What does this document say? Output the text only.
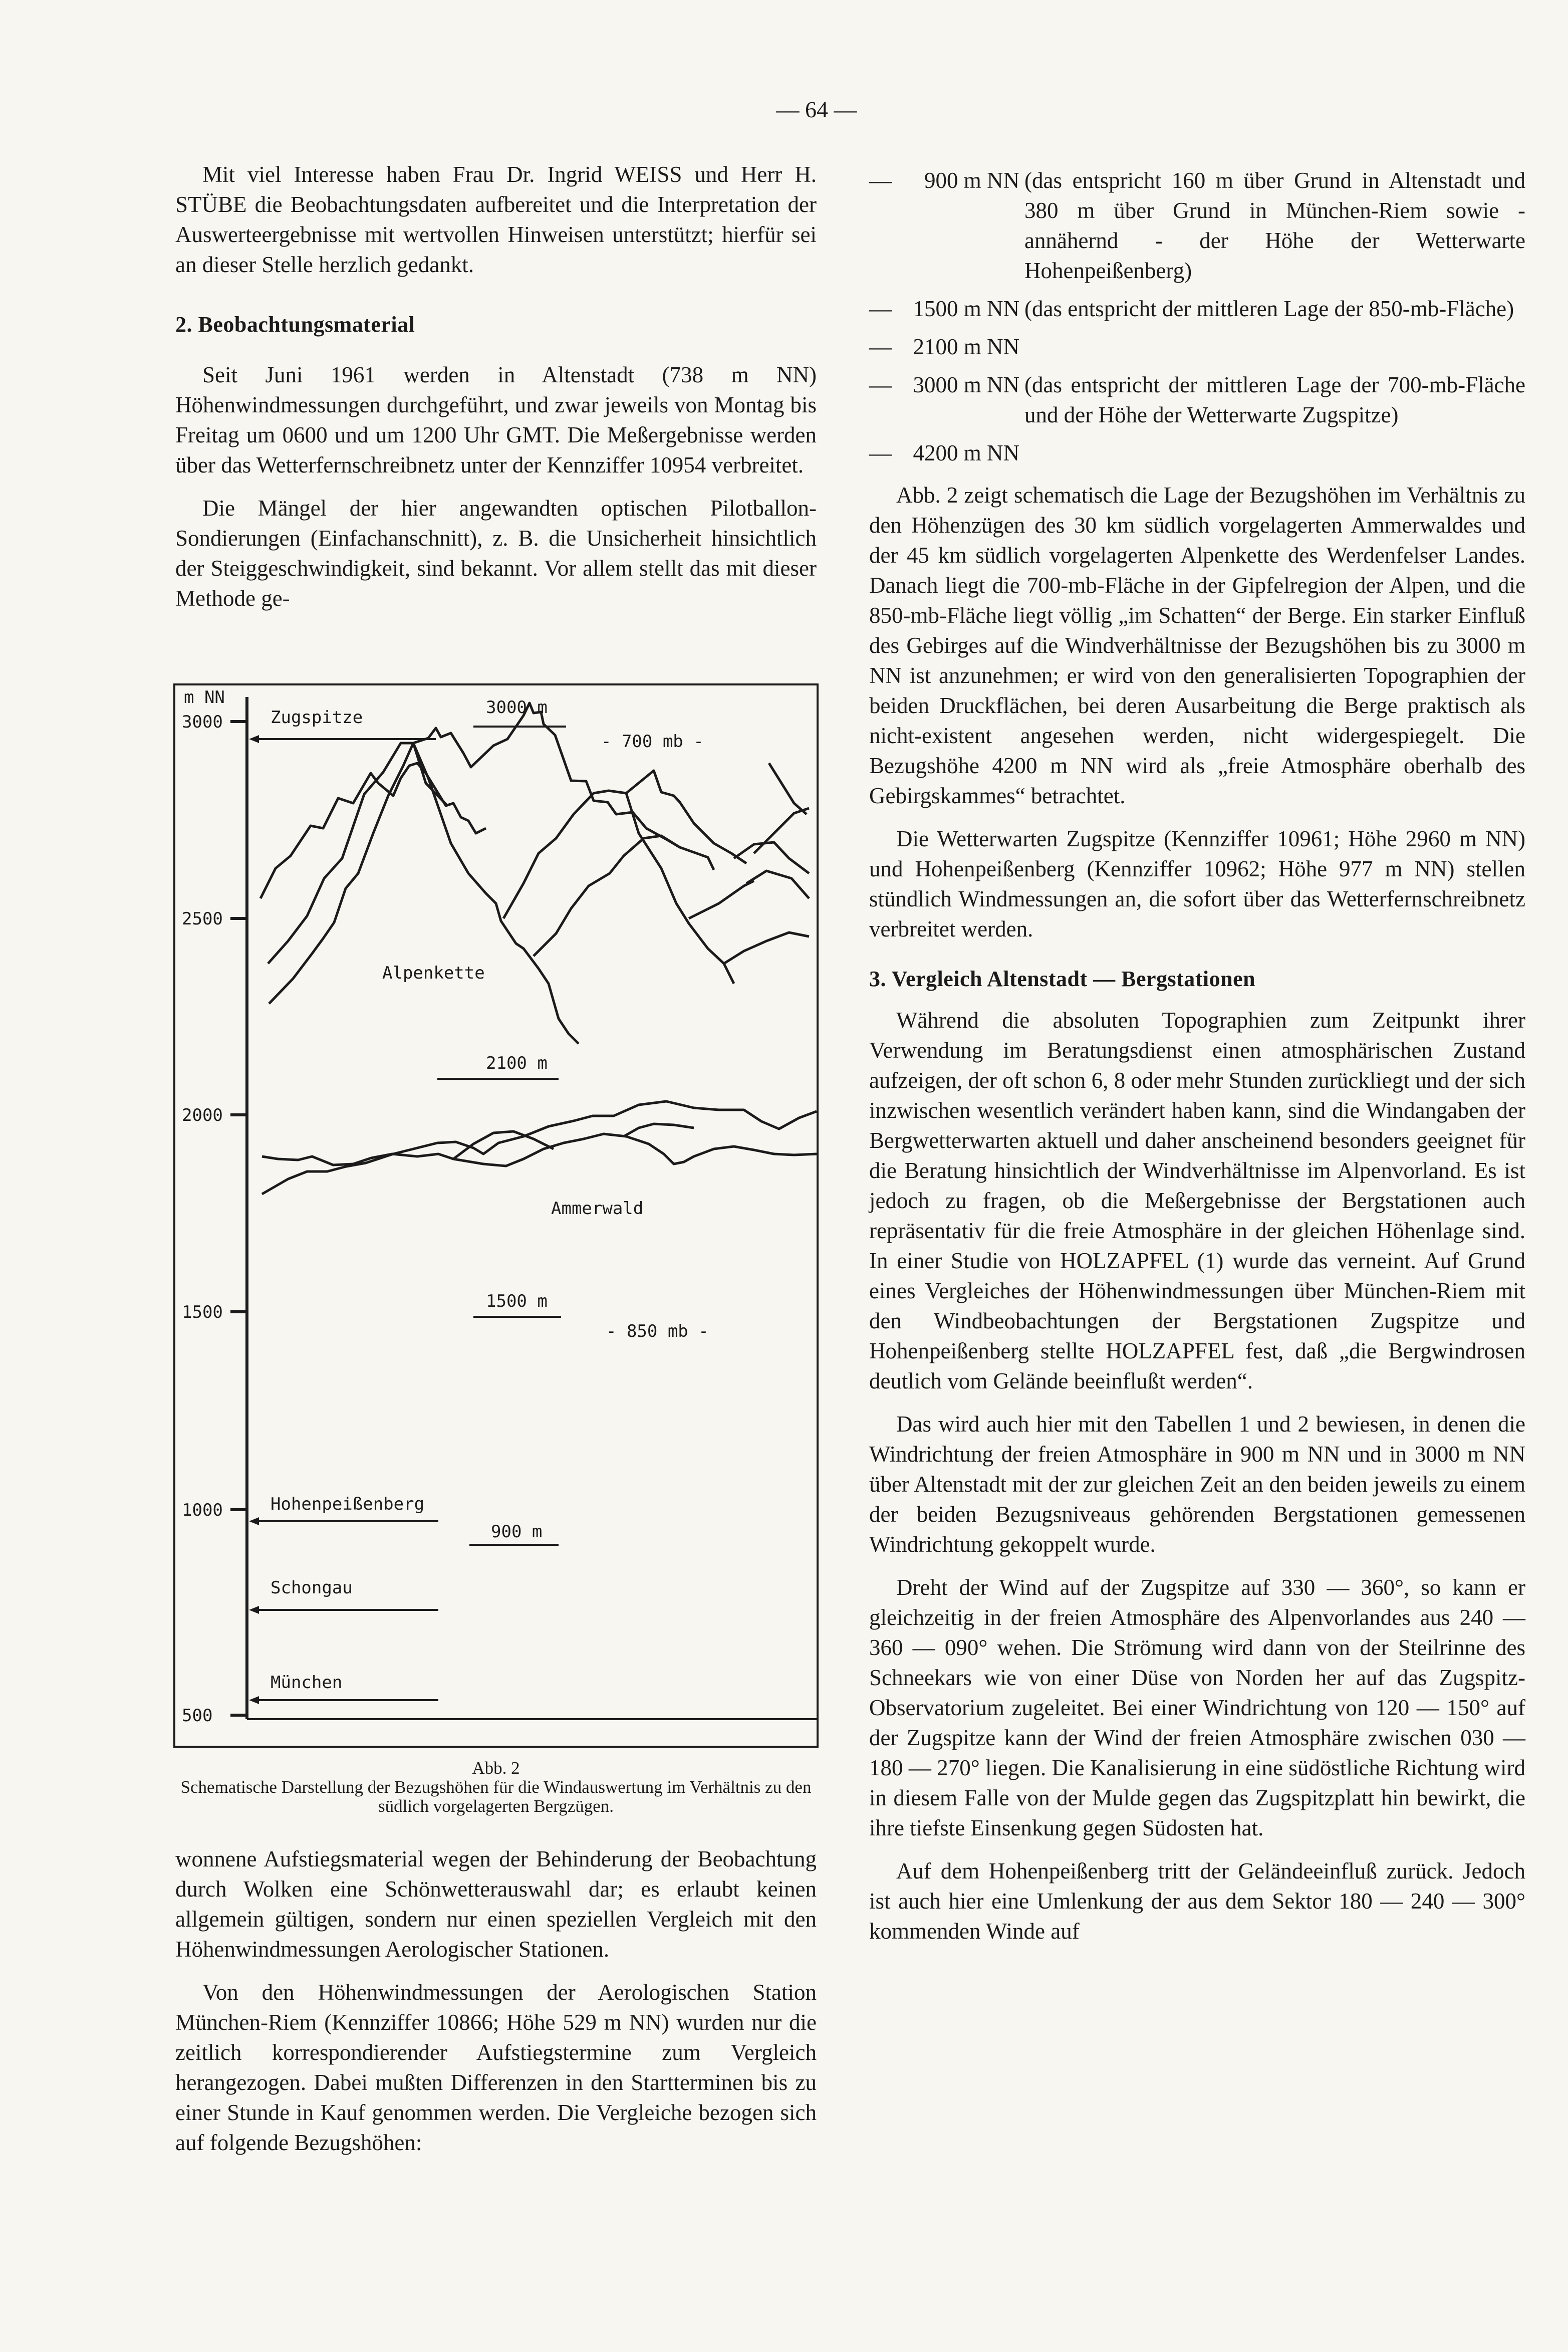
— 64 —

Mit viel Interesse haben Frau Dr. Ingrid WEISS und Herr H. STÜBE die Beobachtungsdaten aufbereitet und die Interpretation der Auswerteergebnisse mit wertvollen Hinweisen unterstützt; hierfür sei an dieser Stelle herzlich gedankt.

2. Beobachtungsmaterial

Seit Juni 1961 werden in Altenstadt (738 m NN) Höhenwindmessungen durchgeführt, und zwar jeweils von Montag bis Freitag um 0600 und um 1200 Uhr GMT. Die Meßergebnisse werden über das Wetterfernschreibnetz unter der Kennziffer 10954 verbreitet.

Die Mängel der hier angewandten optischen Pilotballon-Sondierungen (Einfachanschnitt), z. B. die Unsicherheit hinsichtlich der Steiggeschwindigkeit, sind bekannt. Vor allem stellt das mit dieser Methode ge-

m NN
3000
2500
2000
1500
1000
500
Zugspitze
Hohenpeißenberg
Schongau
München
3000 m
- 700 mb -
2100 m
1500 m
- 850 mb -
900 m
Alpenkette
Ammerwald
Abb. 2
Schematische Darstellung der Bezugshöhen für die Windauswertung im Verhältnis zu den südlich vorgelagerten Bergzügen.

wonnene Aufstiegsmaterial wegen der Behinderung der Beobachtung durch Wolken eine Schönwetterauswahl dar; es erlaubt keinen allgemein gültigen, sondern nur einen speziellen Vergleich mit den Höhenwindmessungen Aerologischer Stationen.

Von den Höhenwindmessungen der Aerologischen Station München-Riem (Kennziffer 10866; Höhe 529 m NN) wurden nur die zeitlich korrespondierender Aufstiegstermine zum Vergleich herangezogen. Dabei mußten Differenzen in den Startterminen bis zu einer Stunde in Kauf genommen werden. Die Vergleiche bezogen sich auf folgende Bezugshöhen:

—	900 m NN (das entspricht 160 m über Grund in Altenstadt und 380 m über Grund in München-Riem sowie - annähernd - der Höhe der Wetterwarte Hohenpeißenberg)
— 1500 m NN (das entspricht der mittleren Lage der 850-mb-Fläche)
— 2100 m NN
— 3000 m NN (das entspricht der mittleren Lage der 700-mb-Fläche und der Höhe der Wetterwarte Zugspitze)
— 4200 m NN

Abb. 2 zeigt schematisch die Lage der Bezugshöhen im Verhältnis zu den Höhenzügen des 30 km südlich vorgelagerten Ammerwaldes und der 45 km südlich vorgelagerten Alpenkette des Werdenfelser Landes. Danach liegt die 700-mb-Fläche in der Gipfelregion der Alpen, und die 850-mb-Fläche liegt völlig „im Schatten“ der Berge. Ein starker Einfluß des Gebirges auf die Windverhältnisse der Bezugshöhen bis zu 3000 m NN ist anzunehmen; er wird von den generalisierten Topographien der beiden Druckflächen, bei deren Ausarbeitung die Berge praktisch als nicht-existent angesehen werden, nicht widergespiegelt. Die Bezugshöhe 4200 m NN wird als „freie Atmosphäre oberhalb des Gebirgskammes“ betrachtet.

Die Wetterwarten Zugspitze (Kennziffer 10961; Höhe 2960 m NN) und Hohenpeißenberg (Kennziffer 10962; Höhe 977 m NN) stellen stündlich Windmessungen an, die sofort über das Wetterfernschreibnetz verbreitet werden.

3. Vergleich Altenstadt — Bergstationen

Während die absoluten Topographien zum Zeitpunkt ihrer Verwendung im Beratungsdienst einen atmosphärischen Zustand aufzeigen, der oft schon 6, 8 oder mehr Stunden zurückliegt und der sich inzwischen wesentlich verändert haben kann, sind die Windangaben der Bergwetterwarten aktuell und daher anscheinend besonders geeignet für die Beratung hinsichtlich der Windverhältnisse im Alpenvorland. Es ist jedoch zu fragen, ob die Meßergebnisse der Bergstationen auch repräsentativ für die freie Atmosphäre in der gleichen Höhenlage sind. In einer Studie von HOLZAPFEL (1) wurde das verneint. Auf Grund eines Vergleiches der Höhenwindmessungen über München-Riem mit den Windbeobachtungen der Bergstationen Zugspitze und Hohenpeißenberg stellte HOLZAPFEL fest, daß „die Bergwindrosen deutlich vom Gelände beeinflußt werden“.

Das wird auch hier mit den Tabellen 1 und 2 bewiesen, in denen die Windrichtung der freien Atmosphäre in 900 m NN und in 3000 m NN über Altenstadt mit der zur gleichen Zeit an den beiden jeweils zu einem der beiden Bezugsniveaus gehörenden Bergstationen gemessenen Windrichtung gekoppelt wurde.

Dreht der Wind auf der Zugspitze auf 330 — 360°, so kann er gleichzeitig in der freien Atmosphäre des Alpenvorlandes aus 240 — 360 — 090° wehen. Die Strömung wird dann von der Steilrinne des Schneekars wie von einer Düse von Norden her auf das Zugspitz-Observatorium zugeleitet. Bei einer Windrichtung von 120 — 150° auf der Zugspitze kann der Wind der freien Atmosphäre zwischen 030 — 180 — 270° liegen. Die Kanalisierung in eine südöstliche Richtung wird in diesem Falle von der Mulde gegen das Zugspitzplatt hin bewirkt, die ihre tiefste Einsenkung gegen Südosten hat.

Auf dem Hohenpeißenberg tritt der Geländeeinfluß zurück. Jedoch ist auch hier eine Umlenkung der aus dem Sektor 180 — 240 — 300° kommenden Winde auf
